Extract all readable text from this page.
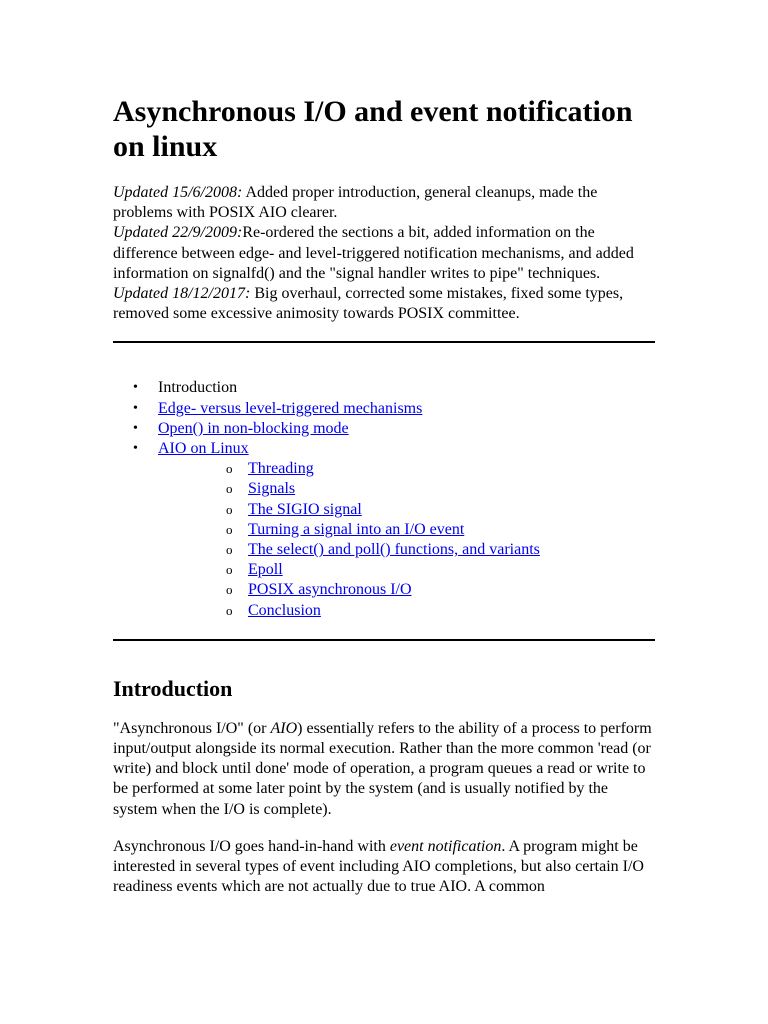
Asynchronous I/O and event notification
on linux
Updated 15/6/2008: Added proper introduction, general cleanups, made the problems with POSIX AIO clearer.
Updated 22/9/2009:Re-ordered the sections a bit, added information on the difference between edge- and level-triggered notification mechanisms, and added information on signalfd() and the "signal handler writes to pipe" techniques.
Updated 18/12/2017: Big overhaul, corrected some mistakes, fixed some types, removed some excessive animosity towards POSIX committee.
• Introduction
• Edge- versus level-triggered mechanisms
• Open() in non-blocking mode
• AIO on Linux
o Threading
o Signals
o The SIGIO signal
o Turning a signal into an I/O event
o The select() and poll() functions, and variants
o Epoll
o POSIX asynchronous I/O
o Conclusion
Introduction

"Asynchronous I/O" (or AIO) essentially refers to the ability of a process to perform input/output alongside its normal execution. Rather than the more common 'read (or write) and block until done' mode of operation, a program queues a read or write to be performed at some later point by the system (and is usually notified by the system when the I/O is complete).

Asynchronous I/O goes hand-in-hand with event notification. A program might be interested in several types of event including AIO completions, but also certain I/O readiness events which are not actually due to true AIO. A common
